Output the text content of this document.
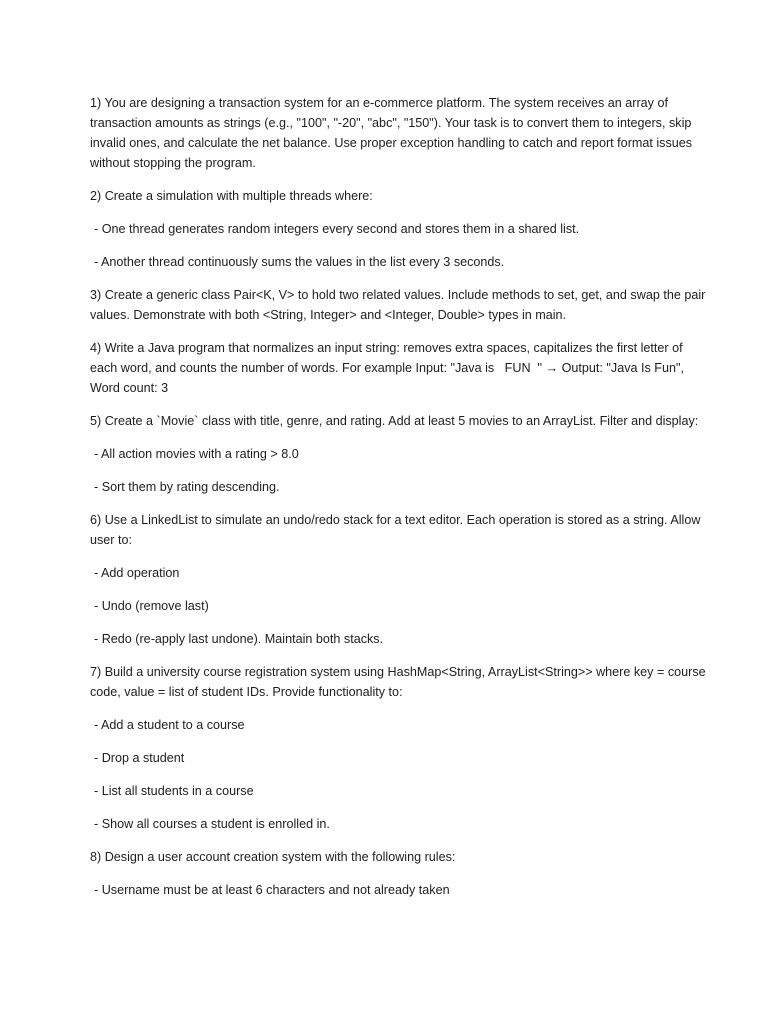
1) You are designing a transaction system for an e-commerce platform. The system receives an array of transaction amounts as strings (e.g., "100", "-20", "abc", "150"). Your task is to convert them to integers, skip invalid ones, and calculate the net balance. Use proper exception handling to catch and report format issues without stopping the program.

2) Create a simulation with multiple threads where:

- One thread generates random integers every second and stores them in a shared list.

- Another thread continuously sums the values in the list every 3 seconds.

3) Create a generic class Pair<K, V> to hold two related values. Include methods to set, get, and swap the pair values. Demonstrate with both <String, Integer> and <Integer, Double> types in main.

4) Write a Java program that normalizes an input string: removes extra spaces, capitalizes the first letter of each word, and counts the number of words. For example Input: "Java is   FUN  " → Output: "Java Is Fun", Word count: 3

5) Create a `Movie` class with title, genre, and rating. Add at least 5 movies to an ArrayList. Filter and display:

- All action movies with a rating > 8.0

- Sort them by rating descending.

6) Use a LinkedList to simulate an undo/redo stack for a text editor. Each operation is stored as a string. Allow user to:

- Add operation

- Undo (remove last)

- Redo (re-apply last undone). Maintain both stacks.

7) Build a university course registration system using HashMap<String, ArrayList<String>> where key = course code, value = list of student IDs. Provide functionality to:

- Add a student to a course

- Drop a student

- List all students in a course

- Show all courses a student is enrolled in.

8) Design a user account creation system with the following rules:

- Username must be at least 6 characters and not already taken
